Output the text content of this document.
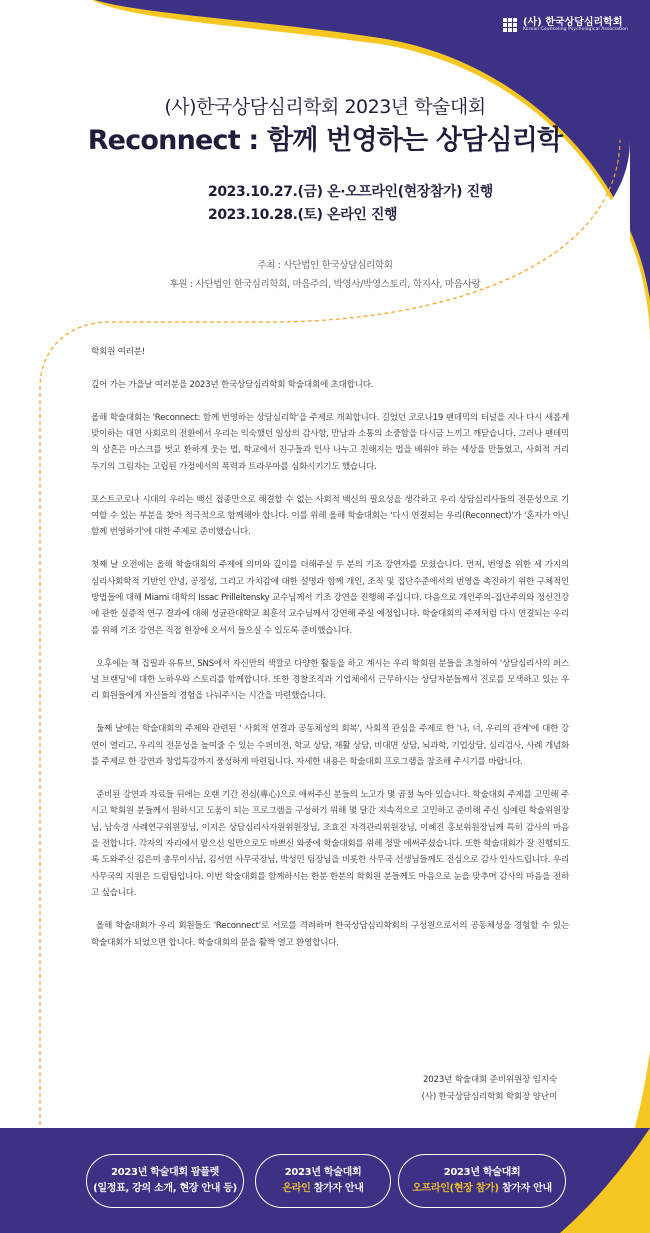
(사) 한국상담심리학회
Korean Counseling Psychological Association
(사)한국상담심리학회 2023년 학술대회
Reconnect : 함께 번영하는 상담심리학
2023.10.27.(금) 온·오프라인(현장참가) 진행
2023.10.28.(토) 온라인 진행
주최 : 사단법인 한국상담심리학회
후원 : 사단법인 한국심리학회, 마음주의, 박영사/박영스토리, 학지사, 마음사랑

학회원 여러분!

깊어 가는 가을날 여러분을 2023년 한국상담심리학회 학술대회에 초대합니다.

올해 학술대회는 'Reconnect: 함께 번영하는 상담심리학'을 주제로 개최합니다. 길었던 코로나19 팬데믹의 터널을 지나 다시 새롭게 맞이하는 대면 사회로의 전환에서 우리는 익숙했던 일상의 감사함, 만남과 소통의 소중함을 다시금 느끼고 깨닫습니다. 그러나 팬데믹의 상흔은 마스크를 벗고 환하게 웃는 법, 학교에서 친구들과 인사 나누고 친해지는 법을 배워야 하는 세상을 만들었고, 사회적 거리 두기의 그림자는 고립된 가정에서의 폭력과 트라우마를 심화시키기도 했습니다.

포스트코로나 시대의 우리는 백신 접종만으로 해결할 수 없는 사회적 백신의 필요성을 생각하고 우리 상담심리사들의 전문성으로 기여할 수 있는 부분을 찾아 적극적으로 함께해야 합니다. 이를 위해 올해 학술대회는 '다시 연결되는 우리(Reconnect)'가 '혼자가 아닌 함께 번영하기'에 대한 주제로 준비했습니다.

첫째 날 오전에는 올해 학술대회의 주제에 의미와 깊이를 더해주실 두 분의 기조 강연자를 모셨습니다. 먼저, 번영을 위한 세 가지의 심리사회학적 기반인 안녕, 공정성, 그리고 가치감에 대한 설명과 함께 개인, 조직 및 집단수준에서의 번영을 촉진하기 위한 구체적인 방법들에 대해 Miami 대학의 Issac Prilleltensky 교수님께서 기조 강연을 진행해 주십니다. 다음으로 개인주의-집단주의와 정신건강에 관한 실증적 연구 결과에 대해 성균관대학교 최훈석 교수님께서 강연해 주실 예정입니다. 학술대회의 주제처럼 다시 연결되는 우리를 위해 기조 강연은 직접 현장에 오셔서 들으실 수 있도록 준비했습니다.

오후에는 책 집필과 유튜브, SNS에서 자신만의 색깔로 다양한 활동을 하고 계시는 우리 학회원 분들을 초청하여 '상담심리사의 퍼스널 브랜딩'에 대한 노하우와 스토리를 함께합니다. 또한 경찰조직과 기업체에서 근무하시는 상담자분들께서 진로를 모색하고 있는 우리 회원들에게 자신들의 경험을 나눠주시는 시간을 마련했습니다.

둘째 날에는 학술대회의 주제와 관련된 ' 사회적 연결과 공동체성의 회복', 사회적 관심을 주제로 한 '나, 너, 우리의 관계'에 대한 강연이 열리고, 우리의 전문성을 높여줄 수 있는 수퍼비전, 학교 상담, 재활 상담, 비대면 상담, 뇌과학, 기업상담, 심리검사, 사례 개념화를 주제로 한 강연과 창업특강까지 풍성하게 마련됩니다. 자세한 내용은 학술대회 프로그램을 참조해 주시기를 바랍니다.

준비된 강연과 자료들 뒤에는 오랜 기간 전심(專心)으로 애써주신 분들의 노고가 몇 곱절 녹아 있습니다. 학술대회 주제를 고민해 주시고 학회원 분들께서 원하시고 도움이 되는 프로그램을 구성하기 위해 몇 달간 지속적으로 고민하고 준비해 주신 심예린 학술위원장님, 남숙경 사례연구위원장님, 이지은 상담심리사자원위원장님, 조효진 자격관리위원장님, 이혜진 홍보위원장님께 특히 감사의 마음을 전합니다. 각자의 자리에서 맡으신 일만으로도 바쁘신 와중에 학술대회를 위해 정말 애써주셨습니다. 또한 학술대회가 잘 진행되도록 도와주신 김은미 총무이사님, 김서연 사무국장님, 박성민 팀장님을 비롯한 사무국 선생님들께도 진심으로 감사 인사드립니다. 우리 사무국의 지원은 드림팀입니다. 이번 학술대회를 함께하시는 한분 한분의 학회원 분들께도 마음으로 눈을 맞추며 감사의 마음을 전하고 싶습니다.

올해 학술대회가 우리 회원들도 'Reconnect'로 서로를 격려하며 한국상담심리학회의 구성원으로서의 공동체성을 경험할 수 있는 학술대회가 되었으면 합니다. 학술대회의 문을 활짝 열고 환영합니다.

2023년 학술대회 준비위원장 임지숙
(사) 한국상담심리학회 학회장 양난미
2023년 학술대회 팜플렛
(일정표, 강의 소개, 현장 안내 등)
2023년 학술대회
온라인 참가자 안내
2023년 학술대회
오프라인(현장 참가) 참가자 안내
